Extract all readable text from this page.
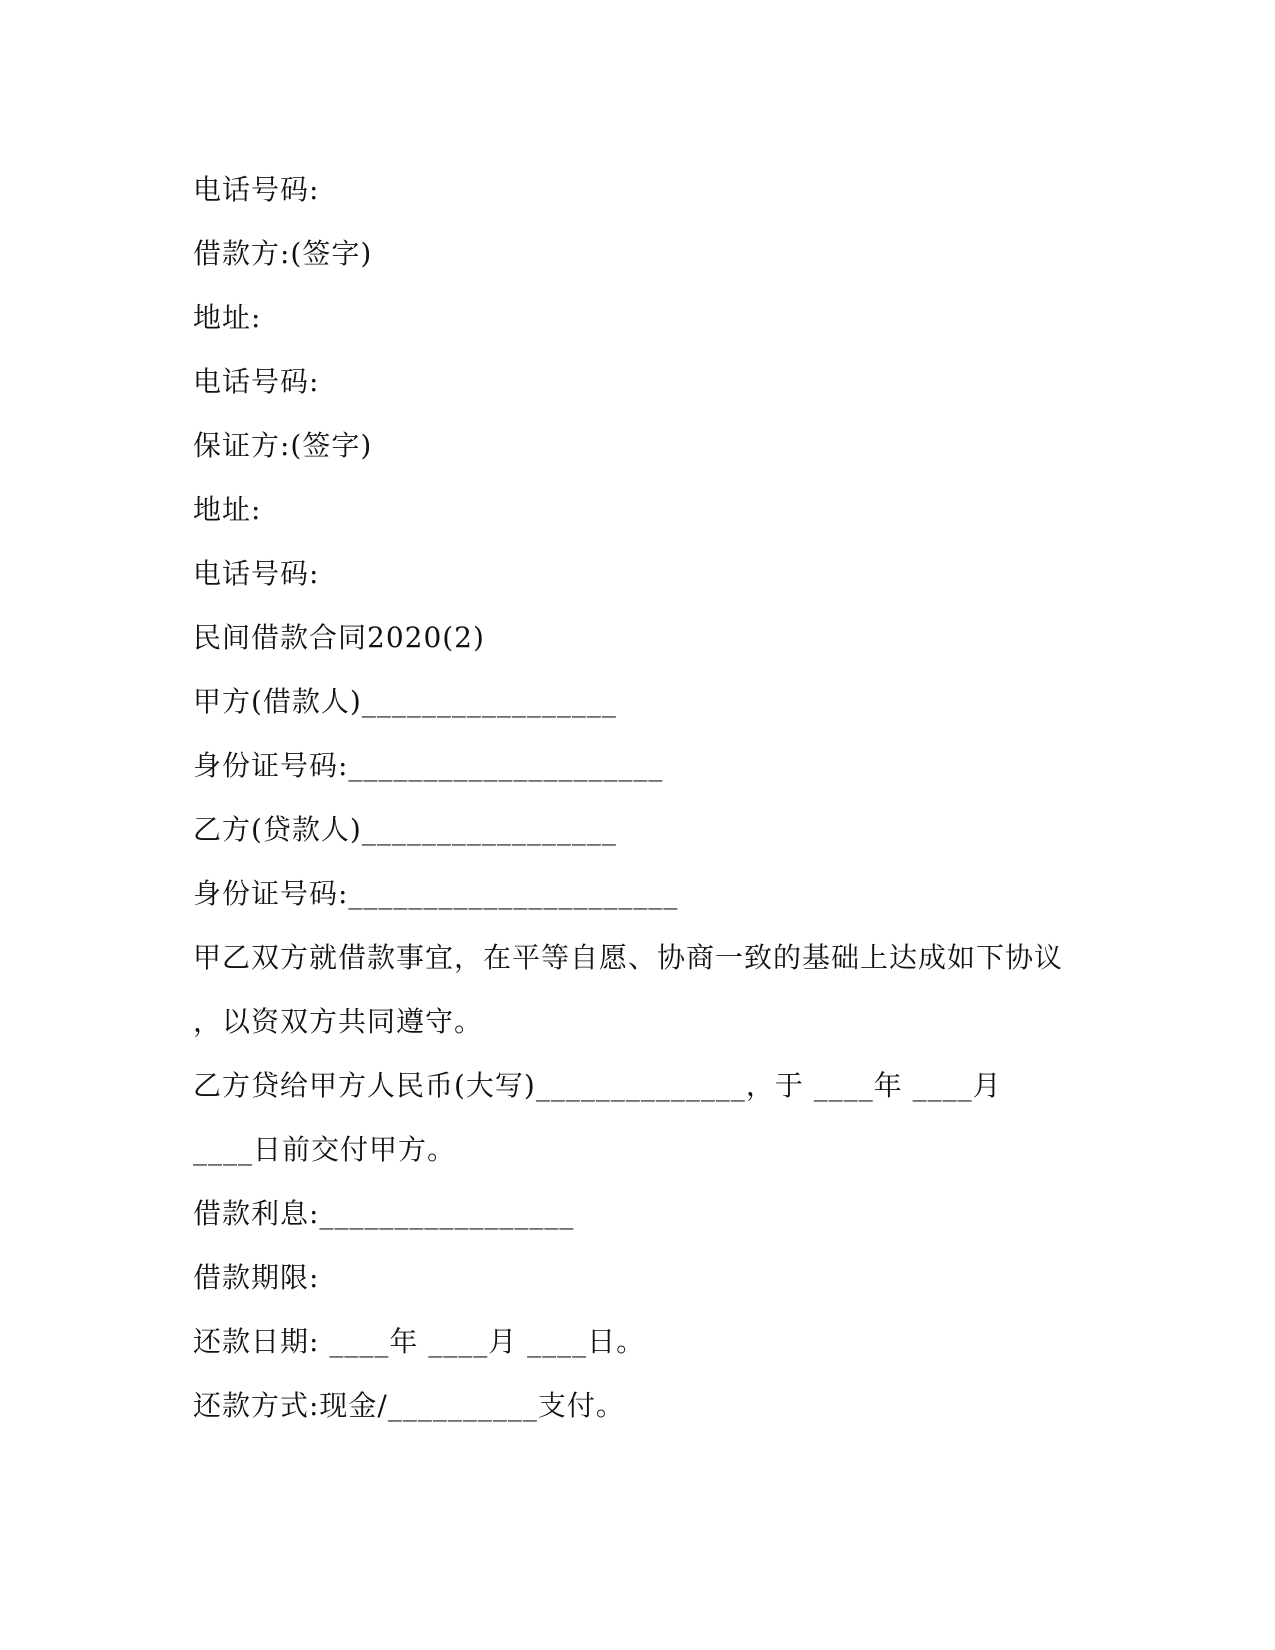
电话号码:
借款方:(签字)
地址:
电话号码:
保证方:(签字)
地址:
电话号码:
民间借款合同2020(2)
甲方(借款人)_________________
身份证号码:_____________________
乙方(贷款人)_________________
身份证号码:______________________
甲乙双方就借款事宜，在平等自愿、协商一致的基础上达成如下协议
，以资双方共同遵守。
乙方贷给甲方人民币(大写)______________，于 ____年 ____月
____日前交付甲方。
借款利息:_________________
借款期限:
还款日期: ____年 ____月 ____日。
还款方式:现金/__________支付。
